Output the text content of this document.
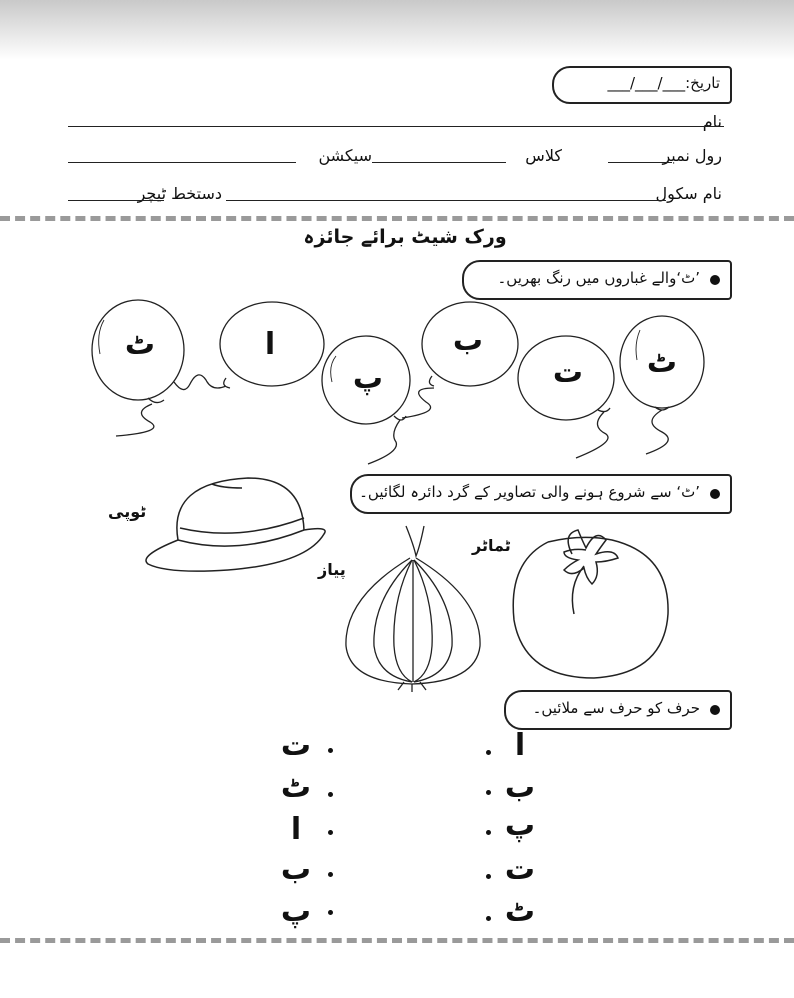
تاریخ:___/___/___
نام
رول نمبر
کلاس
سیکشن
نام سکول
دستخط ٹیچر
ورک شیٹ برائے جائزہ
’ٹ‘والے غباروں میں رنگ بھریں۔
ٹ
ت
ب
پ
ا
ٹ
’ٹ‘ سے شروع ہونے والی تصاویر کے گرد دائرہ لگائیں۔
ٹوپی
پیاز
ٹماٹر
حرف کو حرف سے ملائیں۔
ا
ب
پ
ت
ٹ
ت
ٹ
ا
ب
پ
